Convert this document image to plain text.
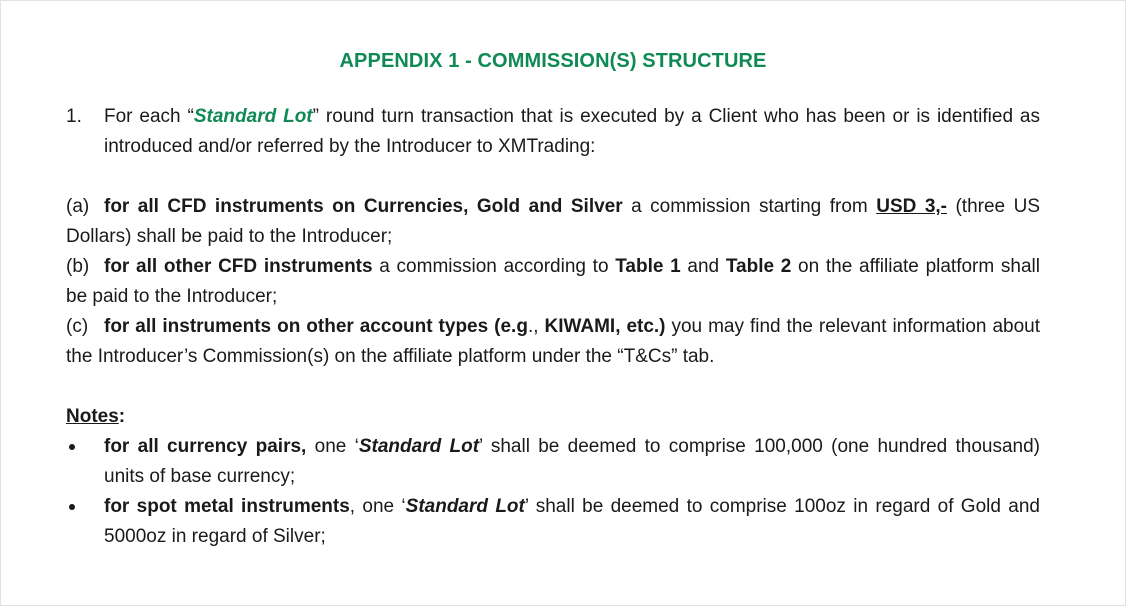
APPENDIX 1 - COMMISSION(S) STRUCTURE
1.	For each “Standard Lot” round turn transaction that is executed by a Client who has been or is identified as introduced and/or referred by the Introducer to XMTrading:

(a) for all CFD instruments on Currencies, Gold and Silver a commission starting from USD 3,- (three US Dollars) shall be paid to the Introducer;

(b) for all other CFD instruments a commission according to Table 1 and Table 2 on the affiliate platform shall be paid to the Introducer;

(c) for all instruments on other account types (e.g., KIWAMI, etc.) you may find the relevant information about the Introducer’s Commission(s) on the affiliate platform under the “T&Cs” tab.

Notes:

for all currency pairs, one ‘Standard Lot’ shall be deemed to comprise 100,000 (one hundred thousand) units of base currency;
for spot metal instruments, one ‘Standard Lot’ shall be deemed to comprise 100oz in regard of Gold and 5000oz in regard of Silver;
